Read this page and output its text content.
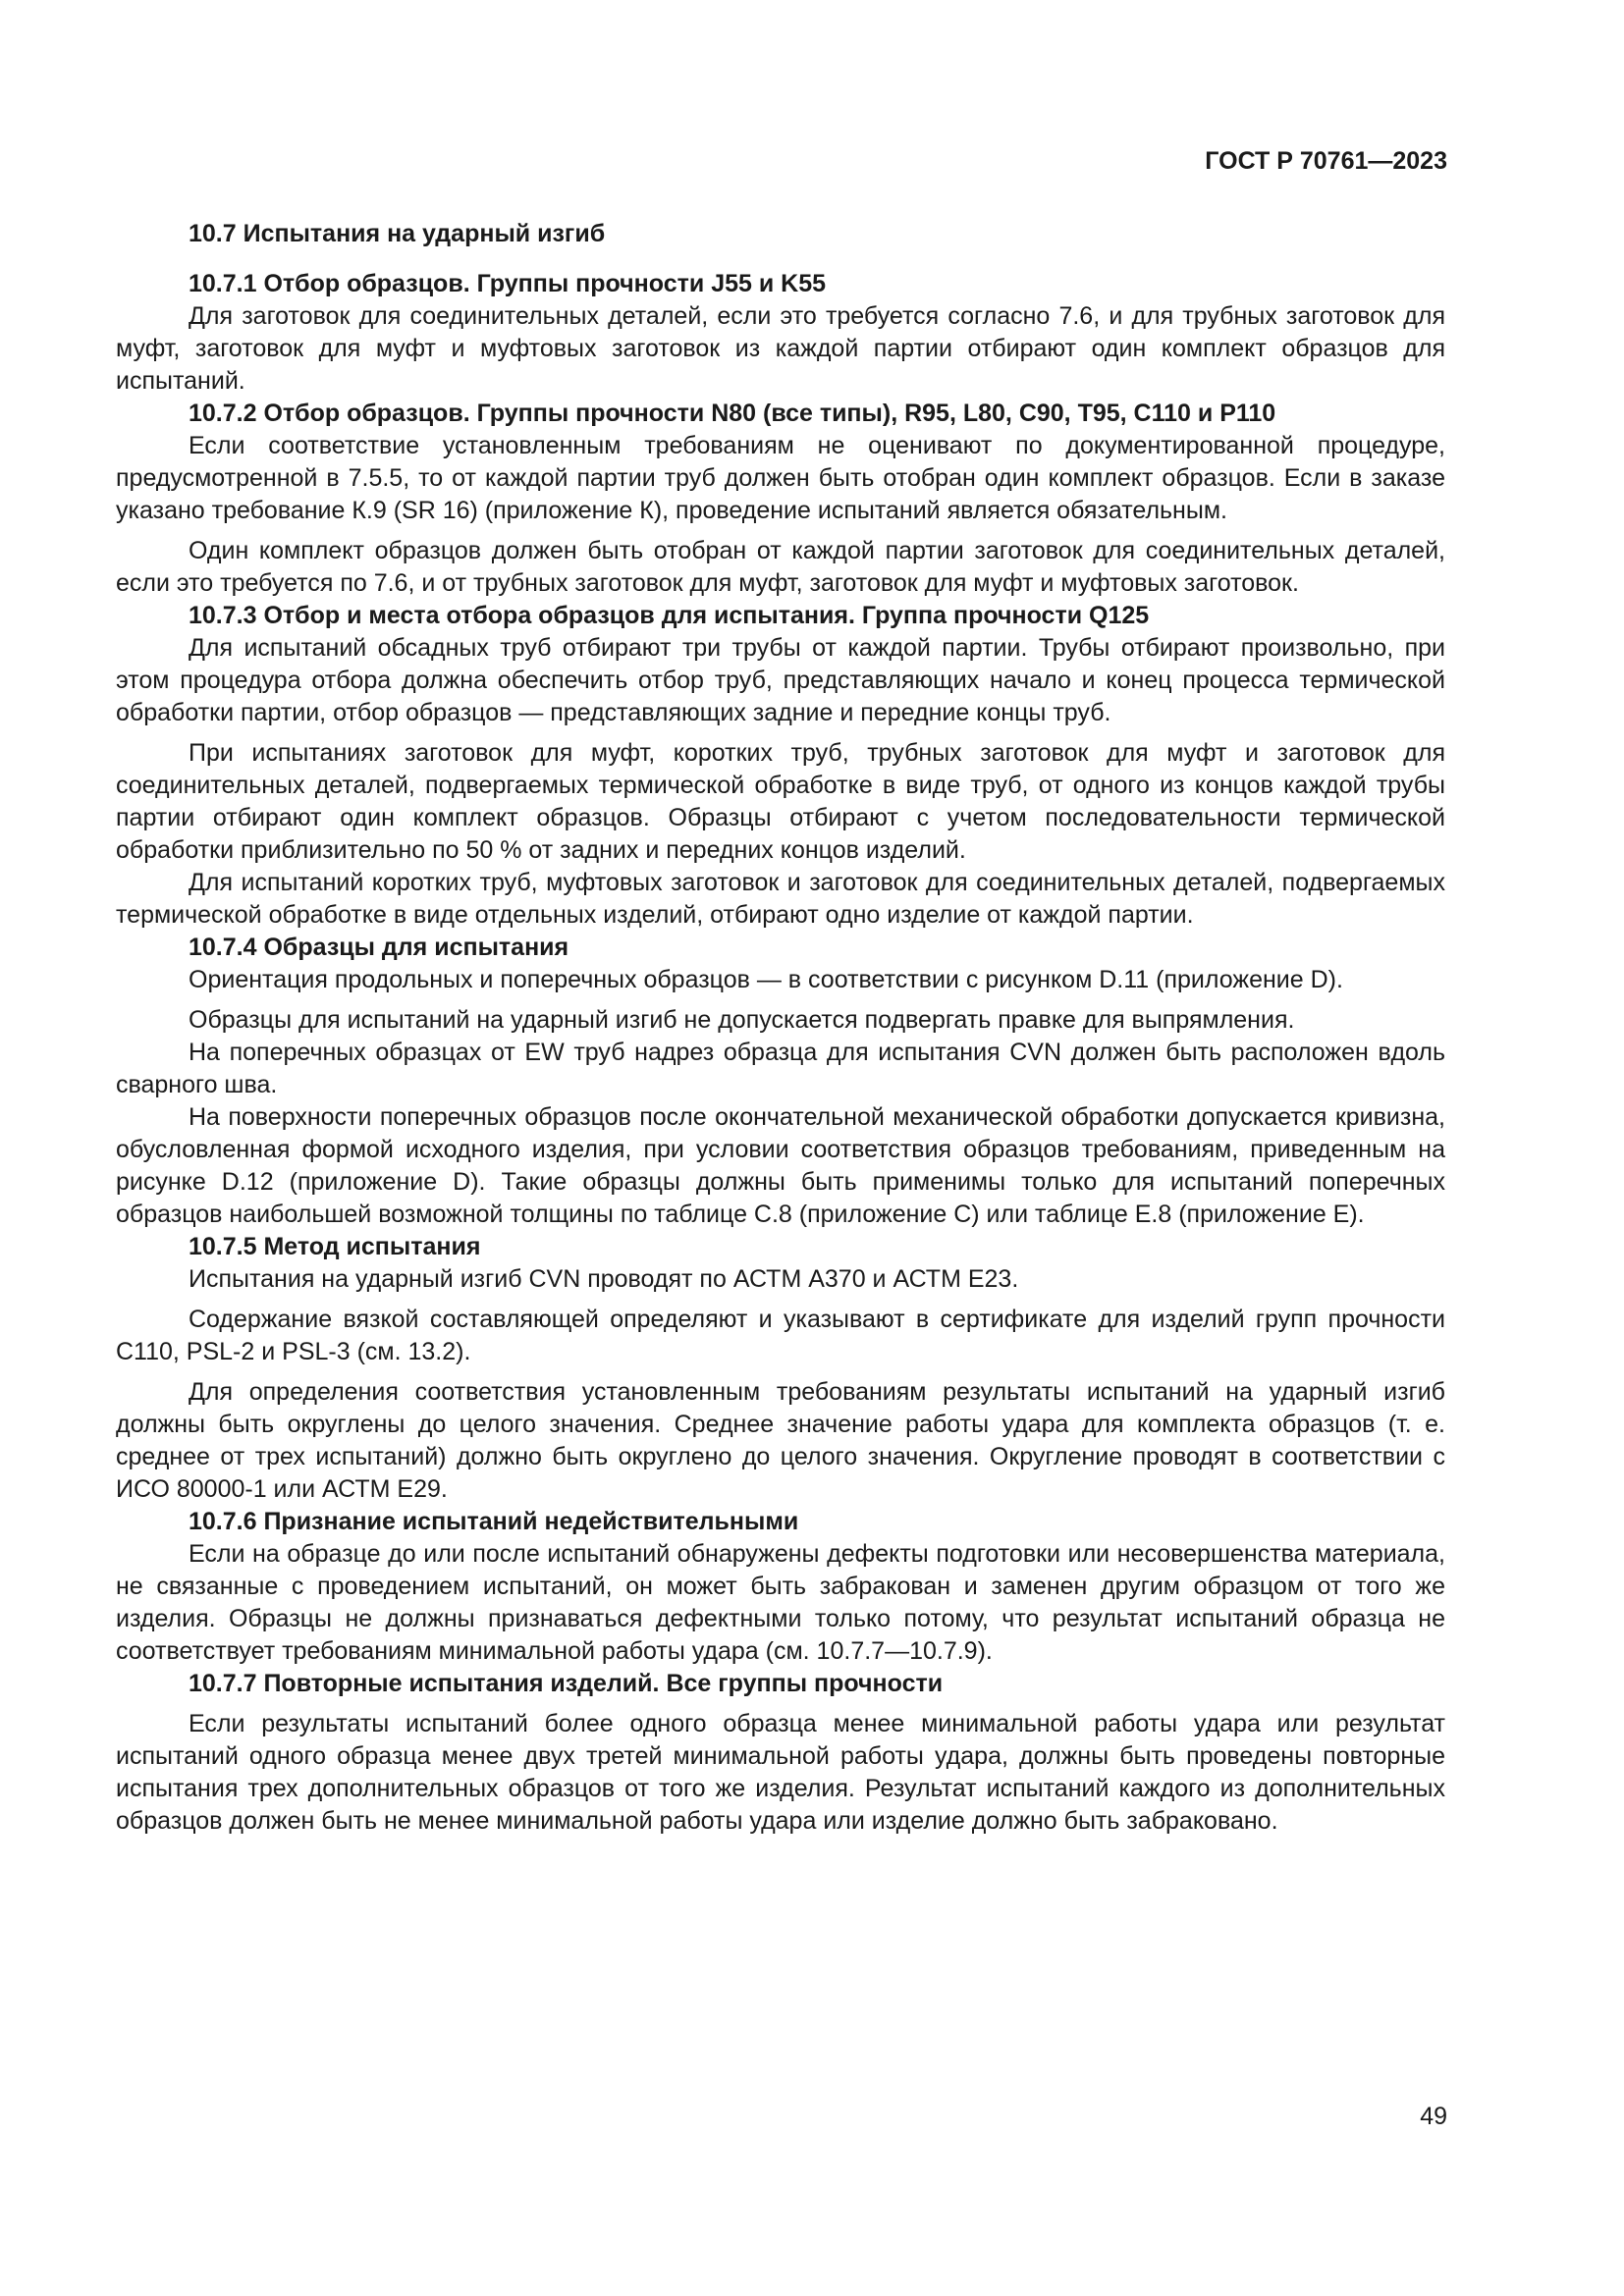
ГОСТ Р 70761—2023
10.7 Испытания на ударный изгиб
10.7.1 Отбор образцов. Группы прочности J55 и K55

Для заготовок для соединительных деталей, если это требуется согласно 7.6, и для трубных заготовок для муфт, заготовок для муфт и муфтовых заготовок из каждой партии отбирают один комплект образцов для испытаний.

10.7.2 Отбор образцов. Группы прочности N80 (все типы), R95, L80, C90, T95, C110 и P110

Если соответствие установленным требованиям не оценивают по документированной процедуре, предусмотренной в 7.5.5, то от каждой партии труб должен быть отобран один комплект образцов. Если в заказе указано требование К.9 (SR 16) (приложение К), проведение испытаний является обязательным.

Один комплект образцов должен быть отобран от каждой партии заготовок для соединительных деталей, если это требуется по 7.6, и от трубных заготовок для муфт, заготовок для муфт и муфтовых заготовок.

10.7.3 Отбор и места отбора образцов для испытания. Группа прочности Q125

Для испытаний обсадных труб отбирают три трубы от каждой партии. Трубы отбирают произвольно, при этом процедура отбора должна обеспечить отбор труб, представляющих начало и конец процесса термической обработки партии, отбор образцов — представляющих задние и передние концы труб.

При испытаниях заготовок для муфт, коротких труб, трубных заготовок для муфт и заготовок для соединительных деталей, подвергаемых термической обработке в виде труб, от одного из концов каждой трубы партии отбирают один комплект образцов. Образцы отбирают с учетом последовательности термической обработки приблизительно по 50 % от задних и передних концов изделий.

Для испытаний коротких труб, муфтовых заготовок и заготовок для соединительных деталей, подвергаемых термической обработке в виде отдельных изделий, отбирают одно изделие от каждой партии.

10.7.4 Образцы для испытания

Ориентация продольных и поперечных образцов — в соответствии с рисунком D.11 (приложение D).

Образцы для испытаний на ударный изгиб не допускается подвергать правке для выпрямления.

На поперечных образцах от EW труб надрез образца для испытания CVN должен быть расположен вдоль сварного шва.

На поверхности поперечных образцов после окончательной механической обработки допускается кривизна, обусловленная формой исходного изделия, при условии соответствия образцов требованиям, приведенным на рисунке D.12 (приложение D). Такие образцы должны быть применимы только для испытаний поперечных образцов наибольшей возможной толщины по таблице С.8 (приложение С) или таблице Е.8 (приложение Е).

10.7.5 Метод испытания

Испытания на ударный изгиб CVN проводят по АСТМ А370 и АСТМ Е23.

Содержание вязкой составляющей определяют и указывают в сертификате для изделий групп прочности С110, PSL-2 и PSL-3 (см. 13.2).

Для определения соответствия установленным требованиям результаты испытаний на ударный изгиб должны быть округлены до целого значения. Среднее значение работы удара для комплекта образцов (т. е. среднее от трех испытаний) должно быть округлено до целого значения. Округление проводят в соответствии с ИСО 80000-1 или АСТМ Е29.

10.7.6 Признание испытаний недействительными

Если на образце до или после испытаний обнаружены дефекты подготовки или несовершенства материала, не связанные с проведением испытаний, он может быть забракован и заменен другим образцом от того же изделия. Образцы не должны признаваться дефектными только потому, что результат испытаний образца не соответствует требованиям минимальной работы удара (см. 10.7.7—10.7.9).

10.7.7 Повторные испытания изделий. Все группы прочности

Если результаты испытаний более одного образца менее минимальной работы удара или результат испытаний одного образца менее двух третей минимальной работы удара, должны быть проведены повторные испытания трех дополнительных образцов от того же изделия. Результат испытаний каждого из дополнительных образцов должен быть не менее минимальной работы удара или изделие должно быть забраковано.

49
